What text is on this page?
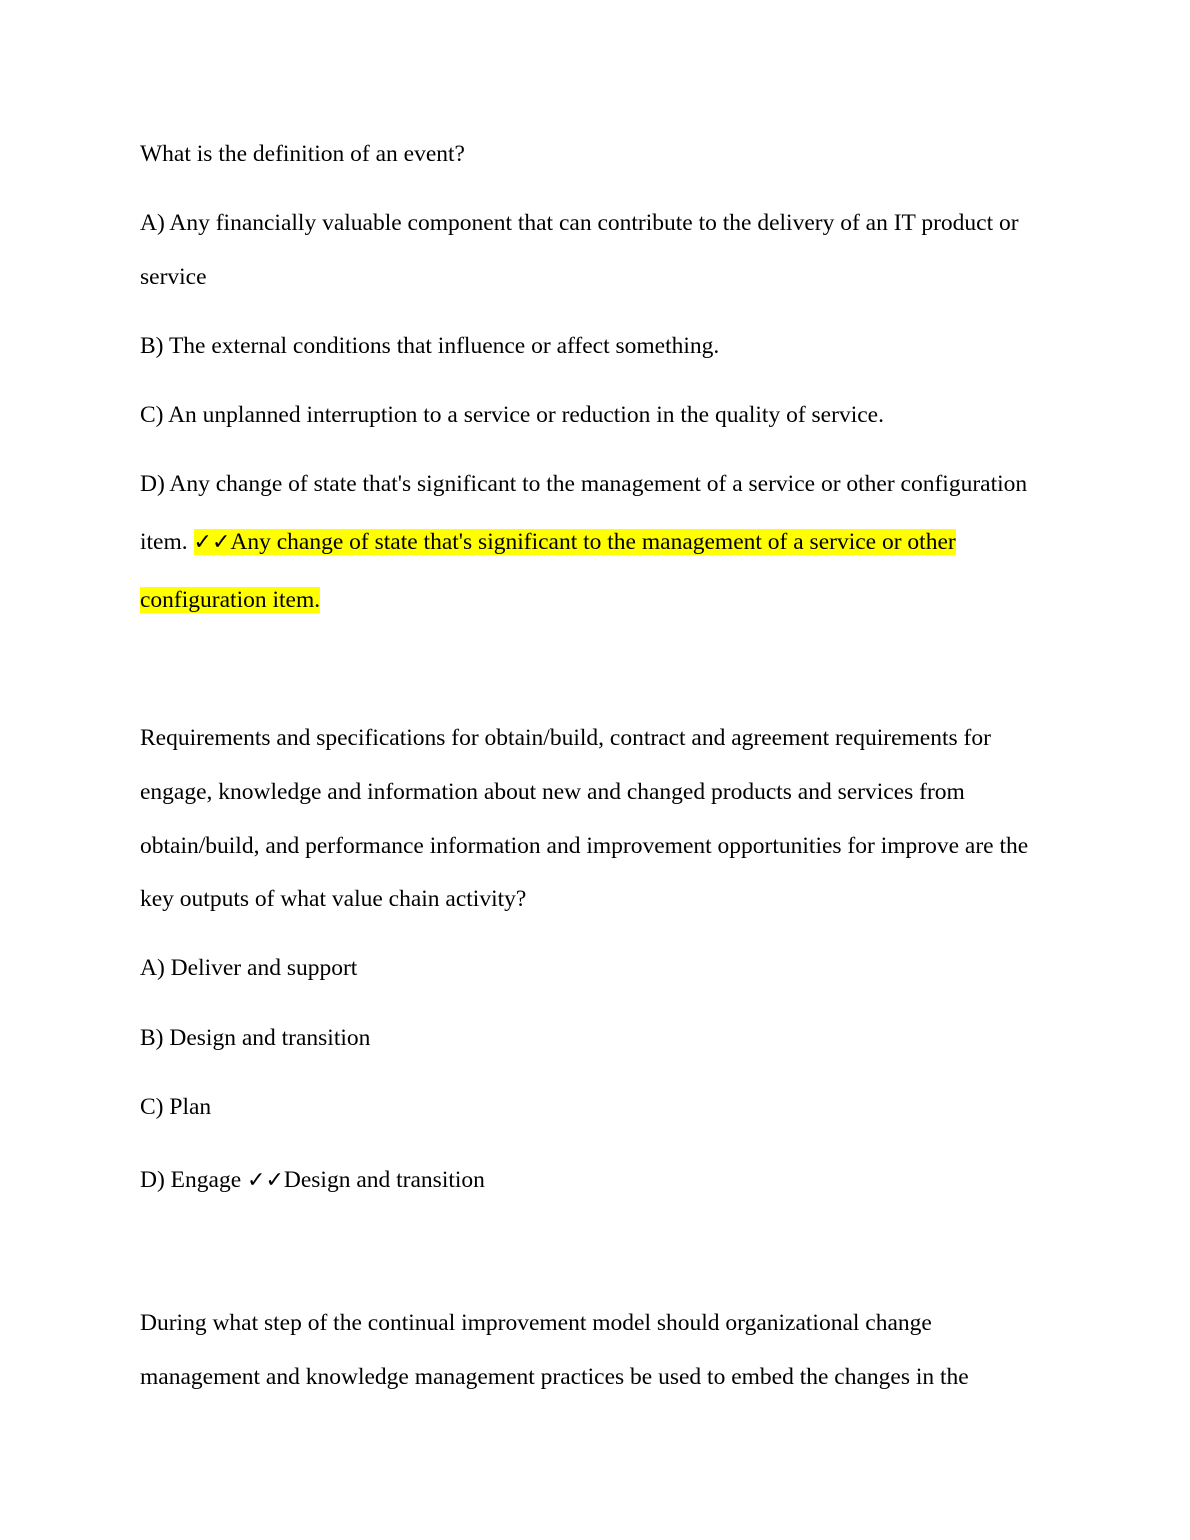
What is the definition of an event?
A) Any financially valuable component that can contribute to the delivery of an IT product or
service
B) The external conditions that influence or affect something.
C) An unplanned interruption to a service or reduction in the quality of service.
D) Any change of state that's significant to the management of a service or other configuration
item. ✓✓Any change of state that's significant to the management of a service or other
configuration item.
Requirements and specifications for obtain/build, contract and agreement requirements for
engage, knowledge and information about new and changed products and services from
obtain/build, and performance information and improvement opportunities for improve are the
key outputs of what value chain activity?
A) Deliver and support
B) Design and transition
C) Plan
D) Engage ✓✓Design and transition
During what step of the continual improvement model should organizational change
management and knowledge management practices be used to embed the changes in the
